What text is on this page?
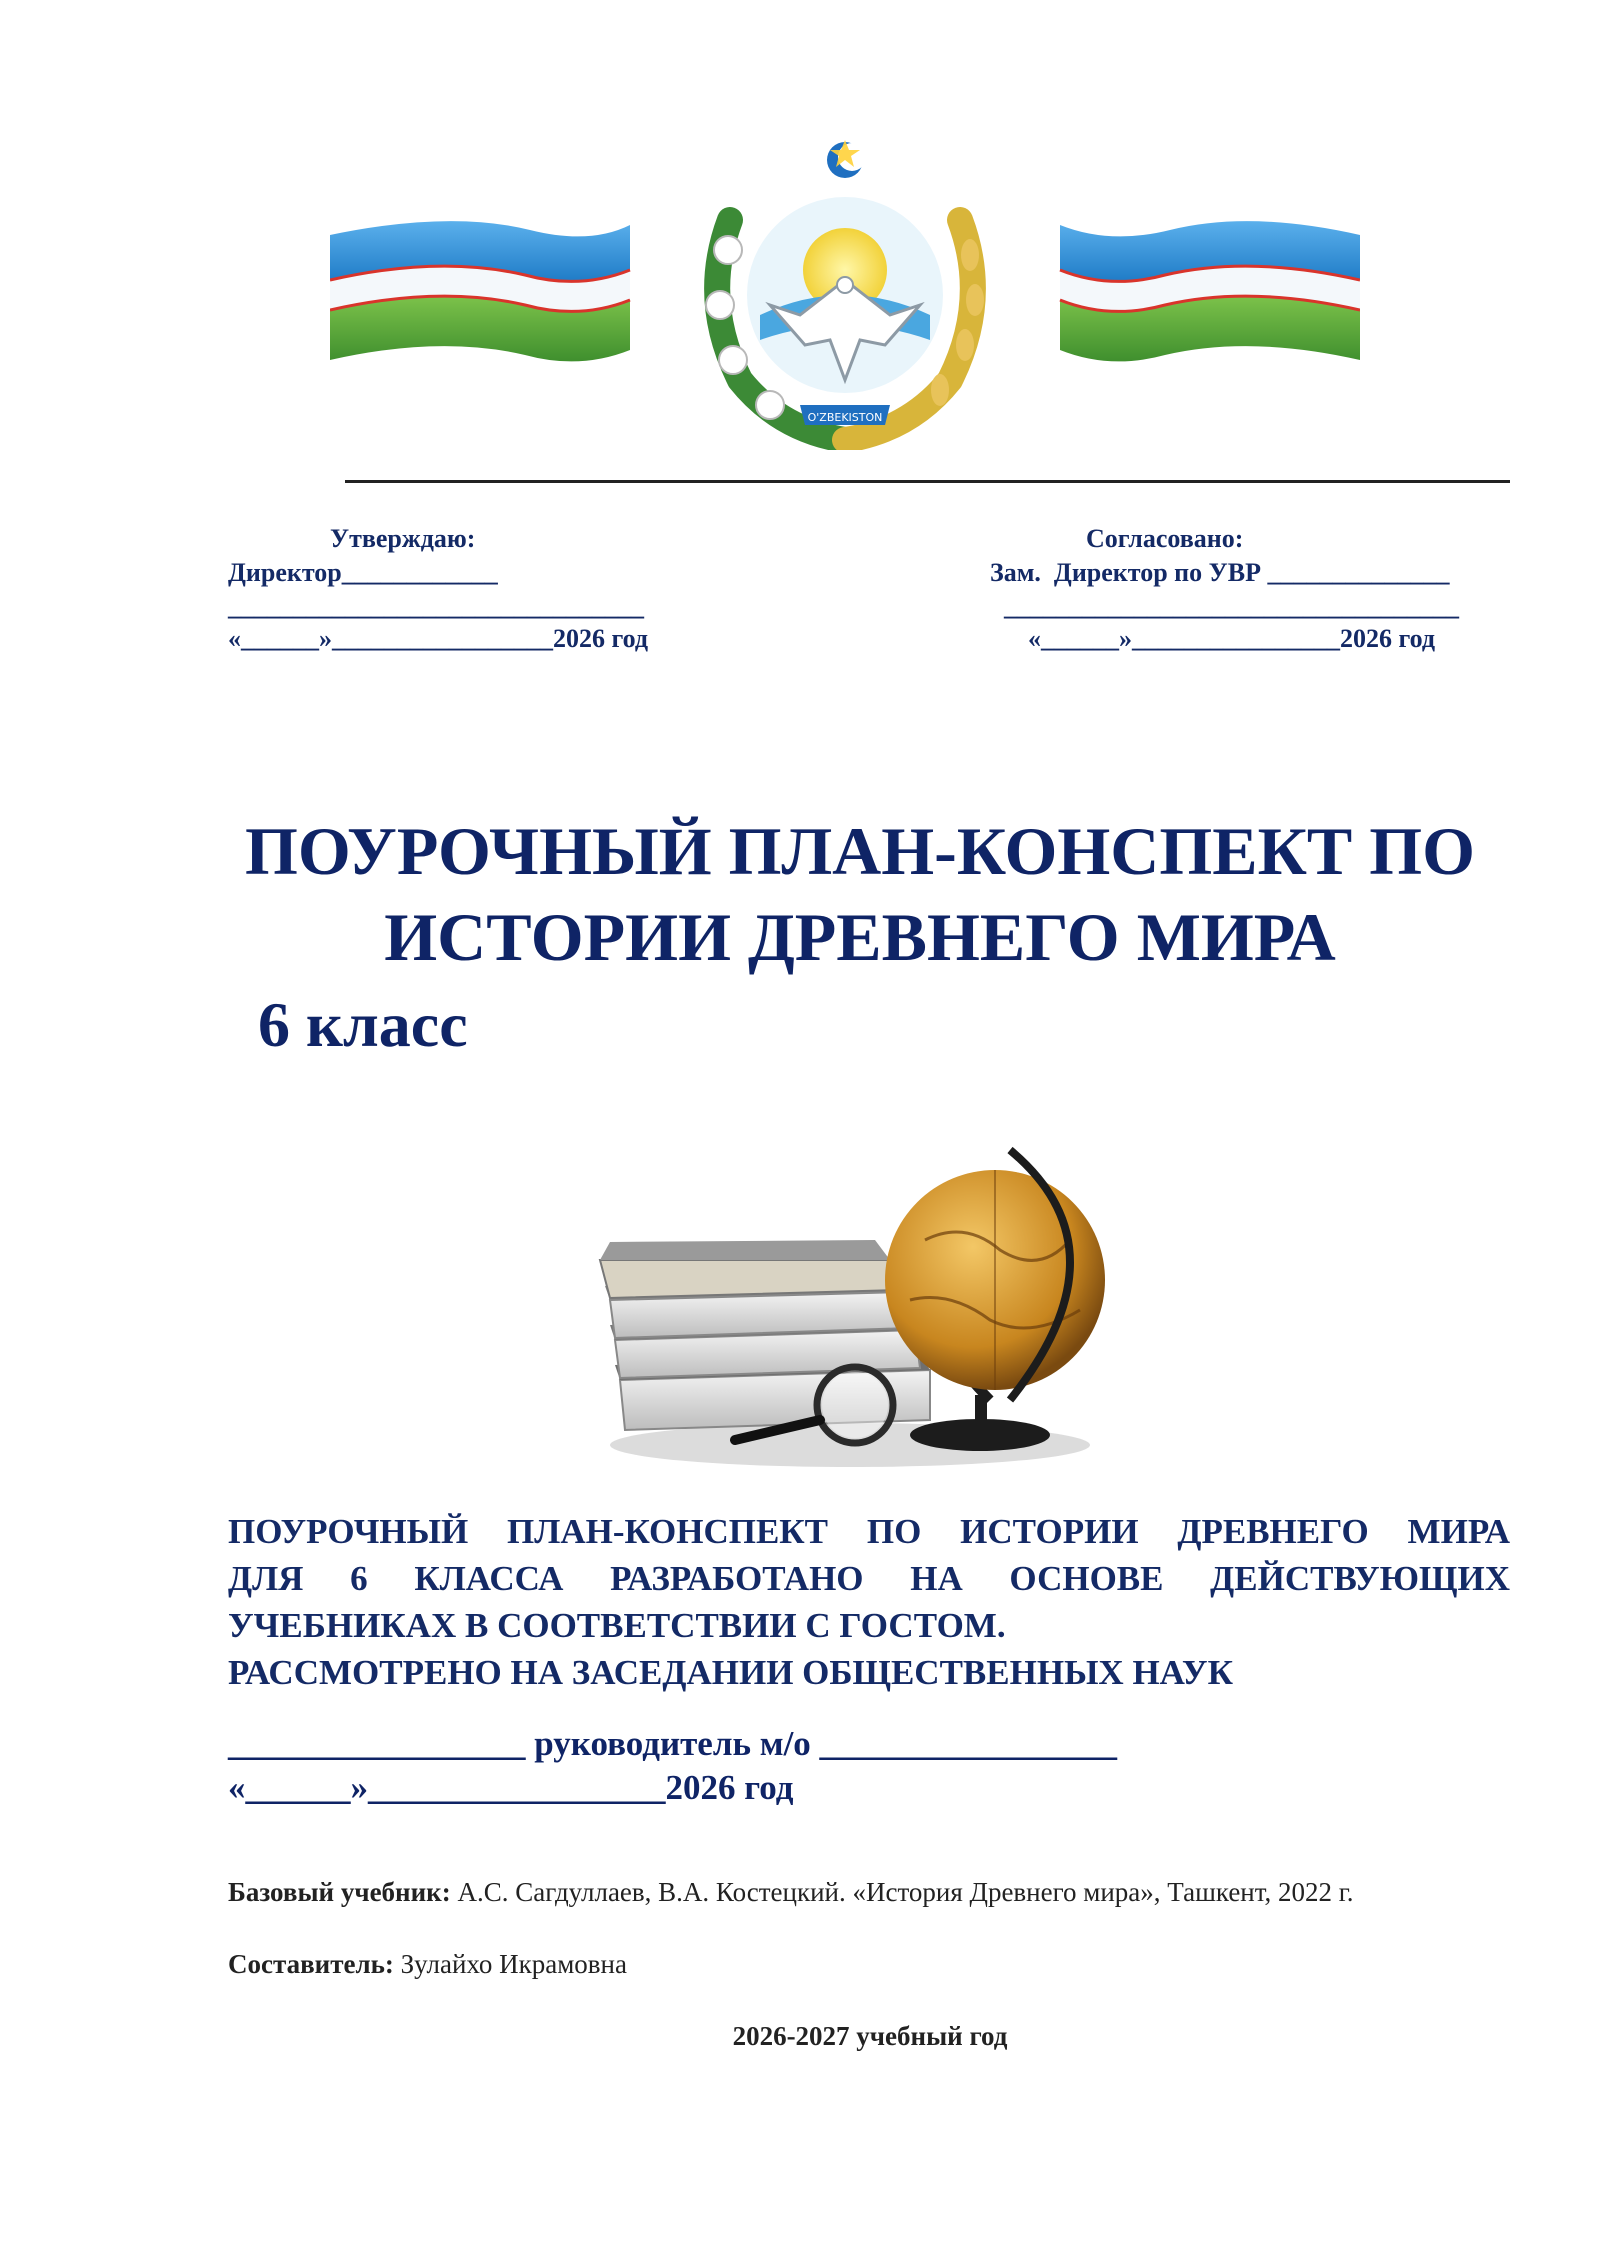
O'ZBEKISTON
Утверждаю:
Директор____________
________________________________
«______»_________________2026 год
Согласовано:
Зам.  Директор по УВР ______________
___________________________________
«______»________________2026 год
ПОУРОЧНЫЙ ПЛАН-КОНСПЕКТ ПО
ИСТОРИИ ДРЕВНЕГО МИРА
6 класс
ПОУРОЧНЫЙ ПЛАН-КОНСПЕКТ ПО ИСТОРИИ ДРЕВНЕГО МИРА
ДЛЯ 6 КЛАССА РАЗРАБОТАНО НА ОСНОВЕ ДЕЙСТВУЮЩИХ
УЧЕБНИКАХ В СООТВЕТСТВИИ С ГОСТОМ.
РАССМОТРЕНО НА ЗАСЕДАНИИ ОБЩЕСТВЕННЫХ НАУК
_________________ руководитель м/о _________________
«______»_________________2026 год
Базовый учебник: А.С. Сагдуллаев, В.А. Костецкий. «История Древнего мира», Ташкент, 2022 г.
Составитель: Зулайхо Икрамовна
2026-2027 учебный год
